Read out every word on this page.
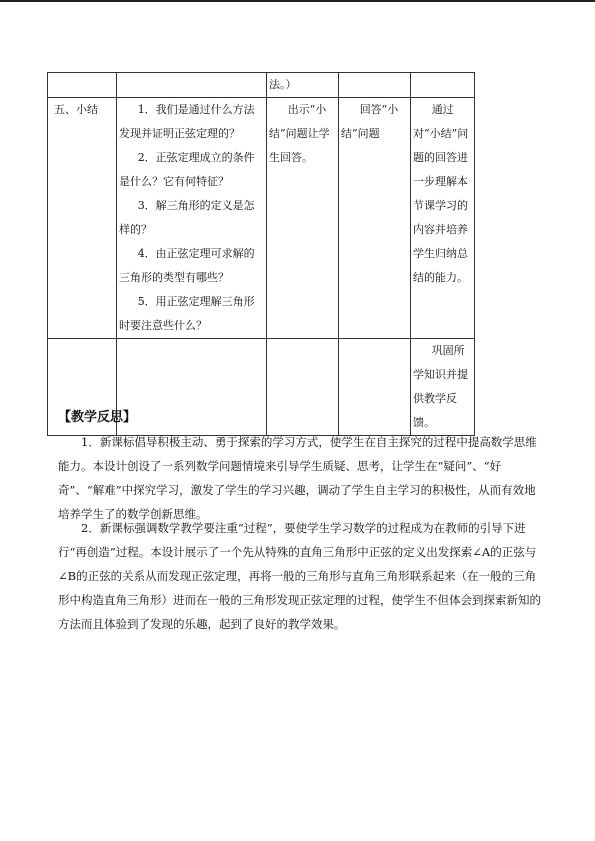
		法。）		
五、小结	1．我们是通过什么方法发现并证明正弦定理的？
2．正弦定理成立的条件是什么？它有何特征？
3．解三角形的定义是怎样的？
4．由正弦定理可求解的三角形的类型有哪些？
5．用正弦定理解三角形时要注意些什么？	出示“小结”问题让学生回答。	回答“小结”问题	通过对“小结”问题的回答进一步理解本节课学习的内容并培养学生归纳总结的能力。
				巩固所学知识并提供教学反馈。

【教学反思】

1．新课标倡导积极主动、勇于探索的学习方式，使学生在自主探究的过程中提高数学思维能力。本设计创设了一系列数学问题情境来引导学生质疑、思考，让学生在“疑问”、“好奇”、“解难”中探究学习，激发了学生的学习兴趣，调动了学生自主学习的积极性，从而有效地培养学生了的数学创新思维。

2．新课标强调数学教学要注重“过程”，要使学生学习数学的过程成为在教师的引导下进行“再创造”过程。本设计展示了一个先从特殊的直角三角形中正弦的定义出发探索∠A的正弦与∠B的正弦的关系从而发现正弦定理，再将一般的三角形与直角三角形联系起来（在一般的三角形中构造直角三角形）进而在一般的三角形发现正弦定理的过程，使学生不但体会到探索新知的方法而且体验到了发现的乐趣，起到了良好的教学效果。
